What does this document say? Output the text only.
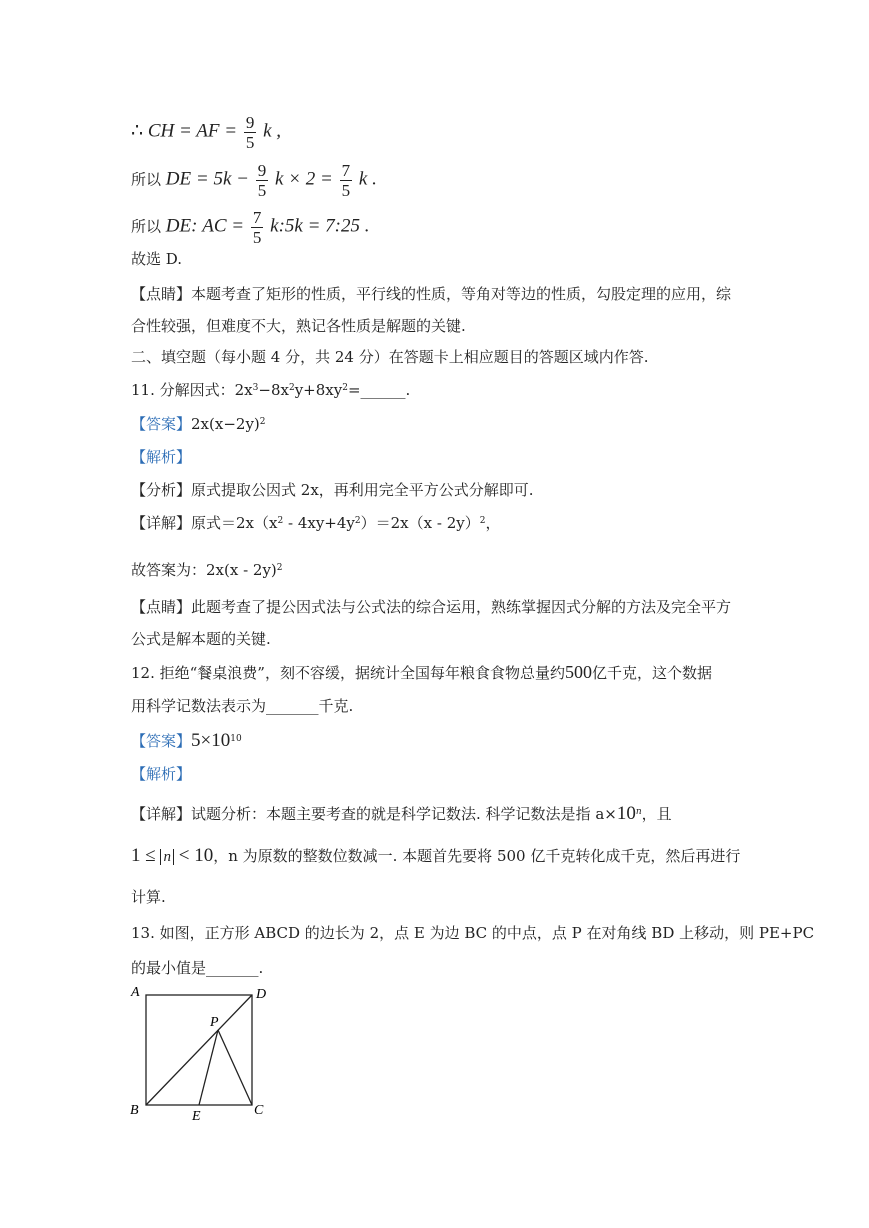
∴ CH = AF = $\frac{9}{5}$ k ,
所以 DE = $5k - \frac{9}{5}$ $k \times 2 = \frac{7}{5}$ k .
所以 DE: AC = $\frac{7}{5}$ k:5k = 7:25 .
故选 D.
【点睛】本题考查了矩形的性质，平行线的性质，等角对等边的性质，勾股定理的应用，综
合性较强，但难度不大，熟记各性质是解题的关键.
二、填空题（每小题 4 分，共 24 分）在答题卡上相应题目的答题区域内作答.
11. 分解因式：$2x^3-8x^2y+8xy^2=\_\_\_\_\_\_$.
【答案】$2x(x-2y)^2$
【解析】
【分析】原式提取公因式 2x，再利用完全平方公式分解即可.
【详解】原式$=2x(x^2 - 4xy+4y^2)=2x(x - 2y)^2$，
故答案为：2x(x - 2y)$^2$
【点睛】此题考查了提公因式法与公式法的综合运用，熟练掌握因式分解的方法及完全平方
公式是解本题的关键.
12. 拒绝“餐桌浪费”，刻不容缓，据统计全国每年粮食食物总量约500亿千克，这个数据
用科学记数法表示为_______千克.
【答案】$5\times 10^{10}$
【解析】
【详解】试题分析：本题主要考查的就是科学记数法. 科学记数法是指 $a\times 10^n$，且
1 ≤ n < 10，n 为原数的整数位数减一. 本题首先要将 500 亿千克转化成千克，然后再进行
计算.
13. 如图，正方形 ABCD 的边长为 2，点 E 为边 BC 的中点，点 P 在对角线 BD 上移动，则 PE+PC
的最小值是_______.
A	D
P
B	E	C
